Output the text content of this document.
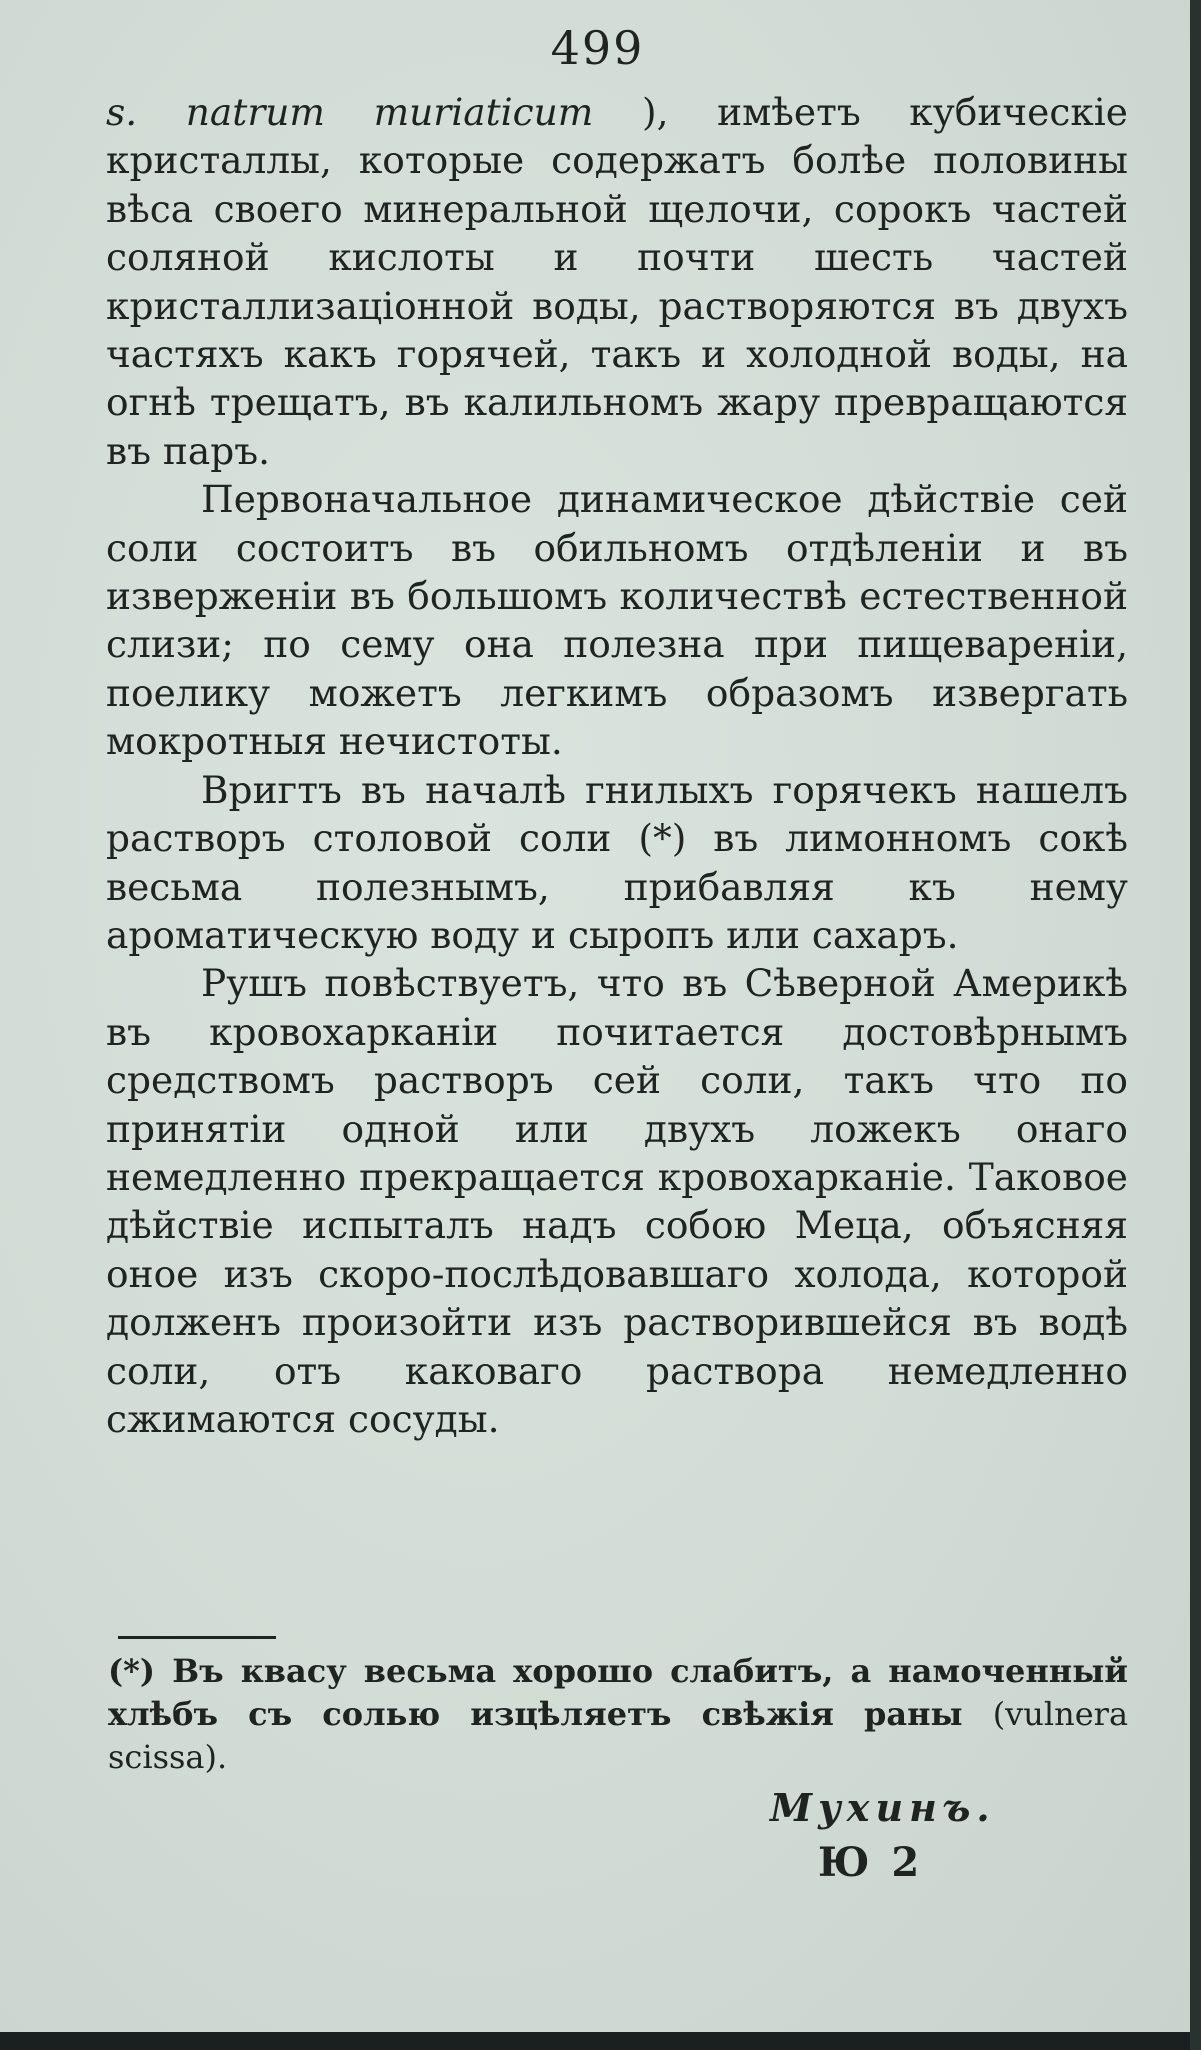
499

s. natrum muriaticum ), имѣетъ кубическіе кристаллы, которые содержатъ болѣе половины вѣса своего минеральной щелочи, сорокъ частей соляной кислоты и почти шесть частей кристаллизаціонной воды, растворяются въ двухъ частяхъ какъ горячей, такъ и холодной воды, на огнѣ трещатъ, въ калильномъ жару превращаются въ паръ.

Первоначальное динамическое дѣйствіе сей соли состоитъ въ обильномъ отдѣленіи и въ изверженіи въ большомъ количествѣ естественной слизи; по сему она полезна при пищевареніи, поелику можетъ легкимъ образомъ извергать мокротныя нечистоты.

Вригтъ въ началѣ гнилыхъ горячекъ нашелъ растворъ столовой соли (*) въ лимонномъ сокѣ весьма полезнымъ, прибавляя къ нему ароматическую воду и сыропъ или сахаръ.

Рушъ повѣствуетъ, что въ Сѣверной Америкѣ въ кровохарканіи почитается достовѣрнымъ средствомъ растворъ сей соли, такъ что по принятіи одной или двухъ ложекъ онаго немедленно прекращается кровохарканіе. Таковое дѣйствіе испыталъ надъ собою Меца, объясняя оное изъ скоро-послѣдовавшаго холода, которой долженъ произойти изъ растворившейся въ водѣ соли, отъ каковаго раствора немедленно сжимаются сосуды.

(*) Въ квасу весьма хорошо слабитъ, а намоченный хлѣбъ съ солью изцѣляетъ свѣжія раны (vulnera scissa).
Мухинъ.
Ю 2
